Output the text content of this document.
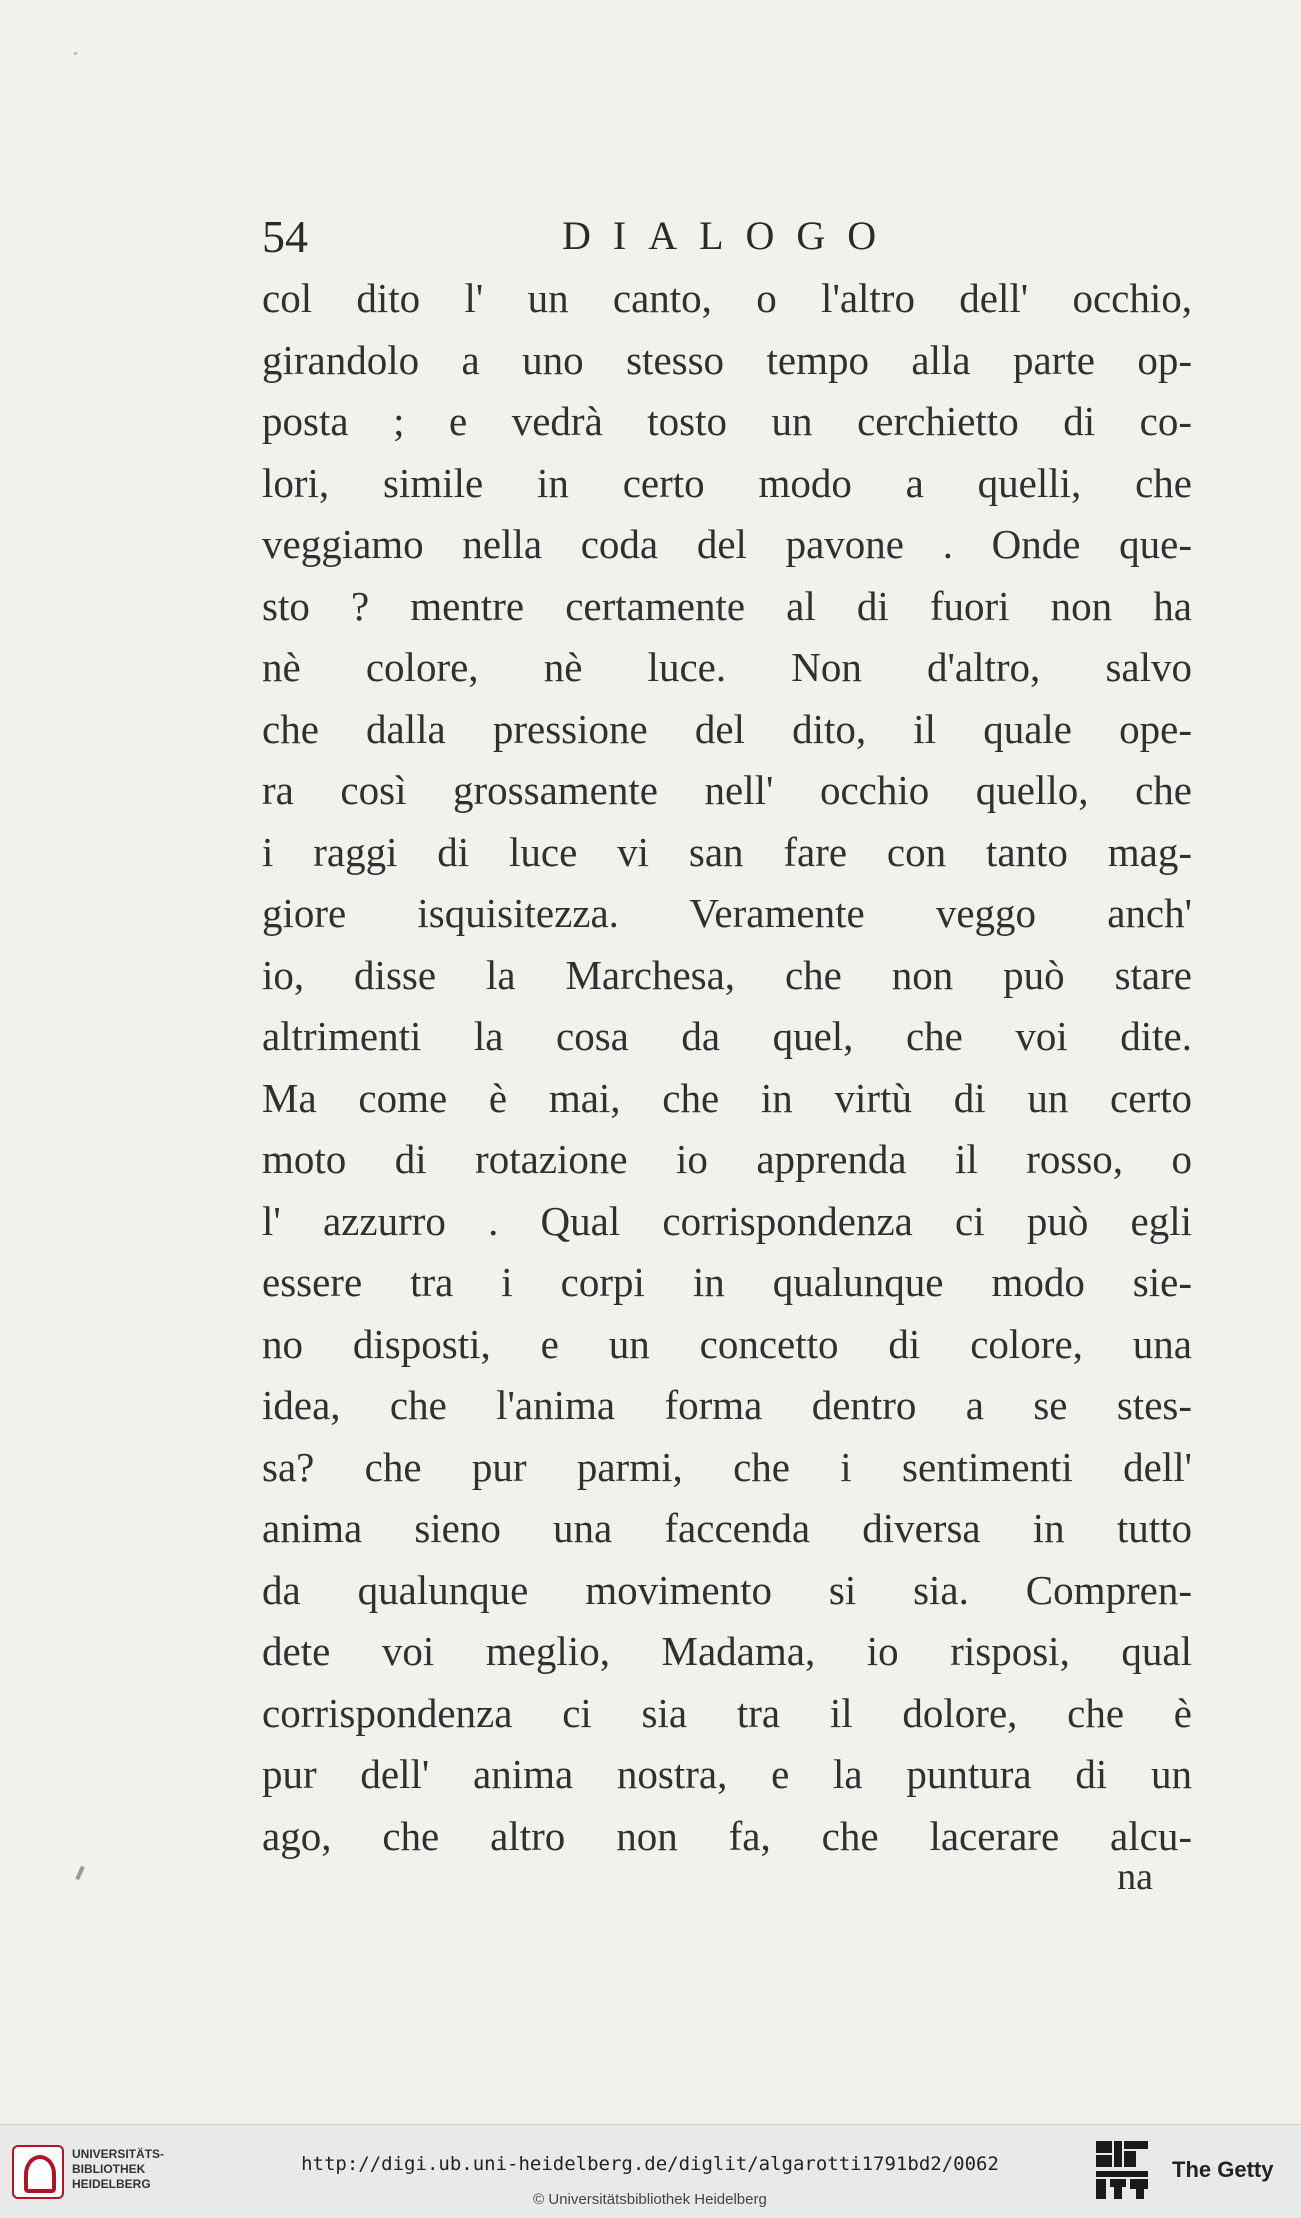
54	DIALOGO
col dito l' un canto, o l'altro dell' occhio,
girandolo a uno stesso tempo alla parte op-
posta ; e vedrà tosto un cerchietto di co-
lori, simile in certo modo a quelli, che
veggiamo nella coda del pavone . Onde que-
sto ? mentre certamente al di fuori non ha
nè colore, nè luce. Non d'altro, salvo
che dalla pressione del dito, il quale ope-
ra così grossamente nell' occhio quello, che
i raggi di luce vi san fare con tanto mag-
giore isquisitezza. Veramente veggo anch'
io, disse la Marchesa, che non può stare
altrimenti la cosa da quel, che voi dite.
Ma come è mai, che in virtù di un certo
moto di rotazione io apprenda il rosso, o
l' azzurro . Qual corrispondenza ci può egli
essere tra i corpi in qualunque modo sie-
no disposti, e un concetto di colore, una
idea, che l'anima forma dentro a se stes-
sa? che pur parmi, che i sentimenti dell'
anima sieno una faccenda diversa in tutto
da qualunque movimento si sia. Compren-
dete voi meglio, Madama, io risposi, qual
corrispondenza ci sia tra il dolore, che è
pur dell' anima nostra, e la puntura di un
ago, che altro non fa, che lacerare alcu-
na
UNIVERSITÄTS-
BIBLIOTHEK
HEIDELBERG
http://digi.ub.uni-heidelberg.de/diglit/algarotti1791bd2/0062
© Universitätsbibliothek Heidelberg
The Getty
